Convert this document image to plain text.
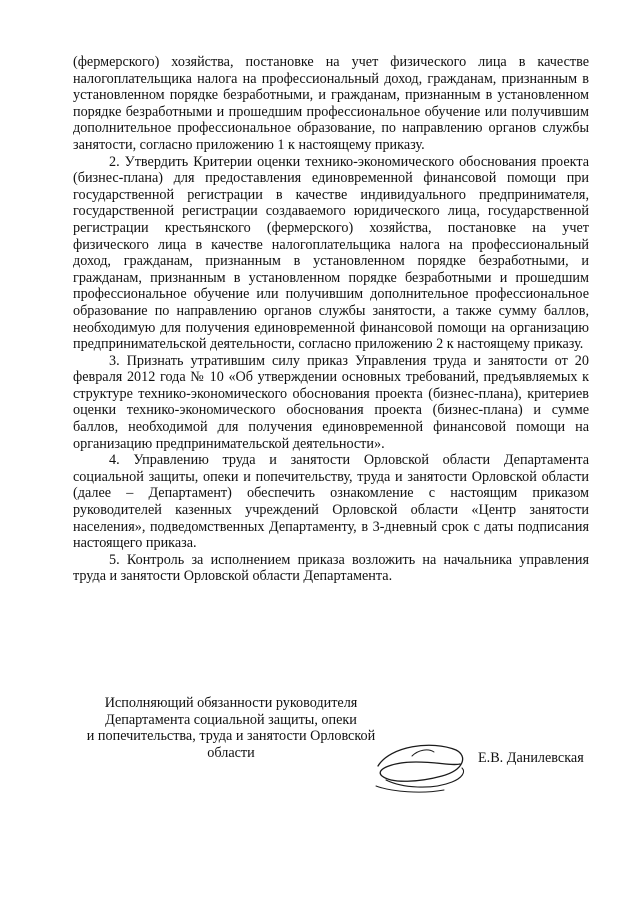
(фермерского) хозяйства, постановке на учет физического лица в качестве налогоплательщика налога на профессиональный доход, гражданам, признанным в установленном порядке безработными, и гражданам, признанным в установленном порядке безработными и прошедшим профессиональное обучение или получившим дополнительное профессиональное образование, по направлению органов службы занятости, согласно приложению 1 к настоящему приказу.

2. Утвердить Критерии оценки технико-экономического обоснования проекта (бизнес-плана) для предоставления единовременной финансовой помощи при государственной регистрации в качестве индивидуального предпринимателя, государственной регистрации создаваемого юридического лица, государственной регистрации крестьянского (фермерского) хозяйства, постановке на учет физического лица в качестве налогоплательщика налога на профессиональный доход, гражданам, признанным в установленном порядке безработными, и гражданам, признанным в установленном порядке безработными и прошедшим профессиональное обучение или получившим дополнительное профессиональное образование по направлению органов службы занятости, а также сумму баллов, необходимую для получения единовременной финансовой помощи на организацию предпринимательской деятельности, согласно приложению 2 к настоящему приказу.

3. Признать утратившим силу приказ Управления труда и занятости от 20 февраля 2012 года № 10 «Об утверждении основных требований, предъявляемых к структуре технико-экономического обоснования проекта (бизнес-плана), критериев оценки технико-экономического обоснования проекта (бизнес-плана) и сумме баллов, необходимой для получения единовременной финансовой помощи на организацию предпринимательской деятельности».

4. Управлению труда и занятости Орловской области Департамента социальной защиты, опеки и попечительству, труда и занятости Орловской области (далее – Департамент) обеспечить ознакомление с настоящим приказом руководителей казенных учреждений Орловской области «Центр занятости населения», подведомственных Департаменту, в 3-дневный срок с даты подписания настоящего приказа.

5. Контроль за исполнением приказа возложить на начальника управления труда и занятости Орловской области Департамента.

Исполняющий обязанности руководителя
Департамента социальной защиты, опеки
и попечительства, труда и занятости Орловской
области	Е.В. Данилевская
